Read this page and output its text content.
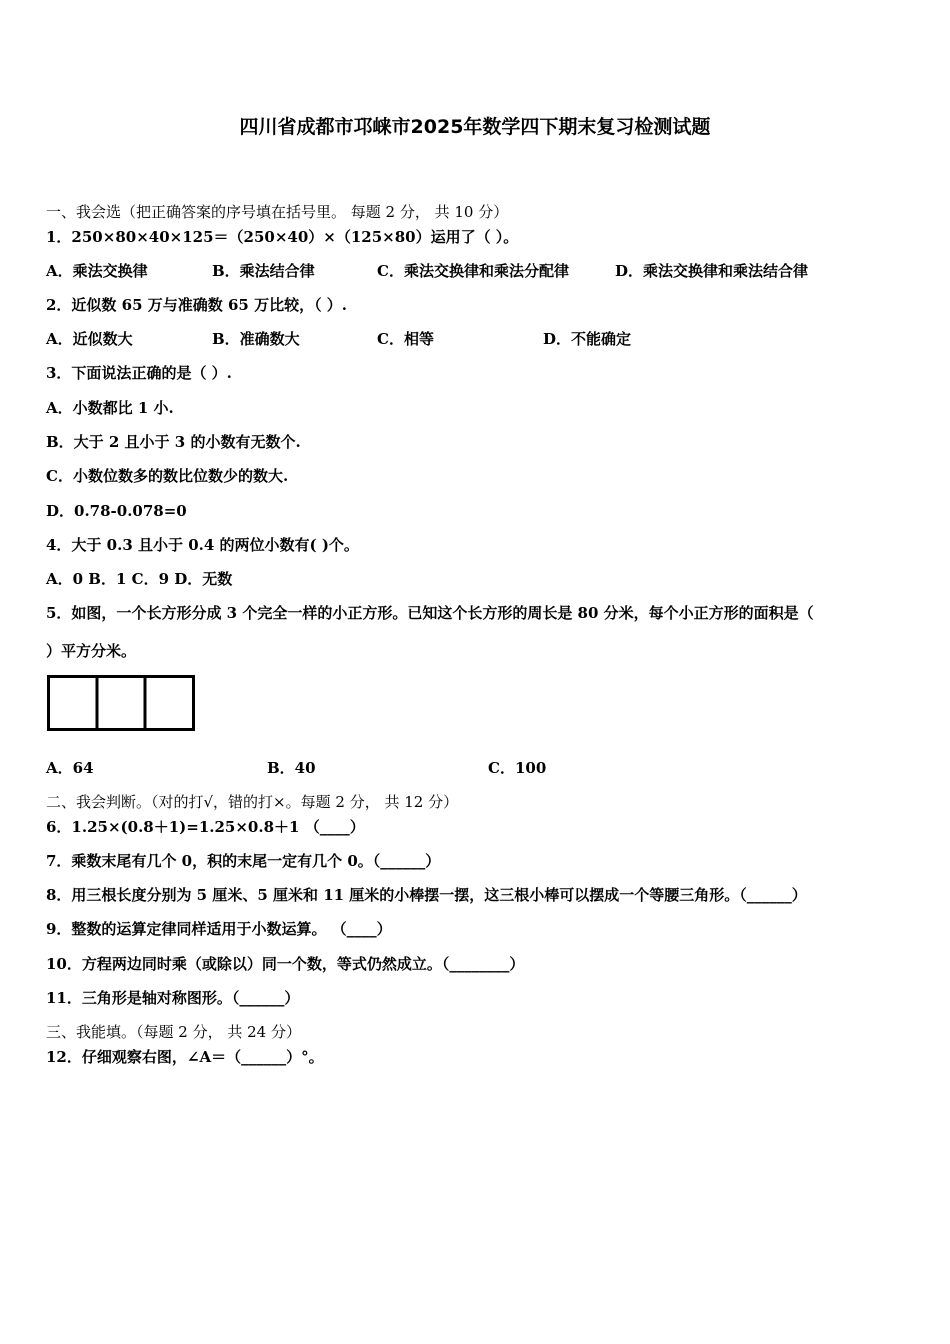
四川省成都市邛崃市2025年数学四下期末复习检测试题
一、我会选（把正确答案的序号填在括号里。 每题 2 分， 共 10 分）
1．250×80×40×125＝（250×40）×（125×80）运用了（ ）。
A．乘法交换律	B．乘法结合律	C．乘法交换律和乘法分配律	D．乘法交换律和乘法结合律
2．近似数 65 万与准确数 65 万比较，（ ）.
A．近似数大	B．准确数大	C．相等	D．不能确定
3．下面说法正确的是（ ）.
A．小数都比 1 小.
B．大于 2 且小于 3 的小数有无数个.
C．小数位数多的数比位数少的数大.
D．0.78-0.078=0
4．大于 0.3 且小于 0.4 的两位小数有( )个。
A．0 B．1 C．9 D．无数
5．如图，一个长方形分成 3 个完全一样的小正方形。已知这个长方形的周长是 80 分米，每个小正方形的面积是（
）平方分米。
A．64	B．40	C．100
二、我会判断。（对的打√，错的打×。每题 2 分， 共 12 分）
6．1.25×(0.8＋1)=1.25×0.8＋1 （____）
7．乘数末尾有几个 0，积的末尾一定有几个 0。（______）
8．用三根长度分别为 5 厘米、5 厘米和 11 厘米的小棒摆一摆，这三根小棒可以摆成一个等腰三角形。（______）
9．整数的运算定律同样适用于小数运算。 （____）
10．方程两边同时乘（或除以）同一个数，等式仍然成立。（________）
11．三角形是轴对称图形。（______）
三、我能填。（每题 2 分， 共 24 分）
12．仔细观察右图，∠A＝（______）°。
